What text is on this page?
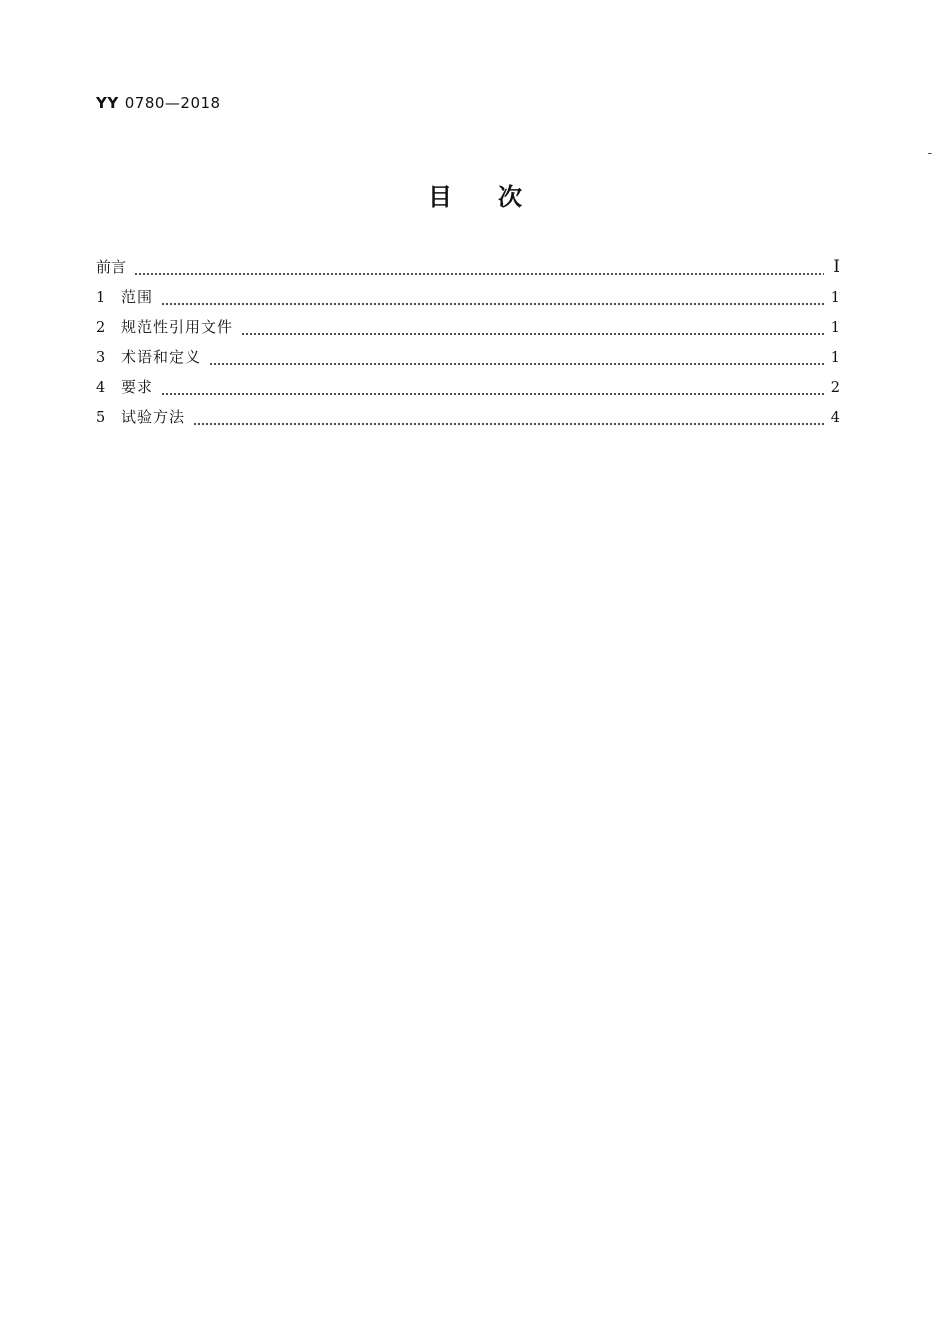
YY 0780—2018
-
目 次
前言	I
1	范围	1
2	规范性引用文件	1
3	术语和定义	1
4	要求	2
5	试验方法	4
